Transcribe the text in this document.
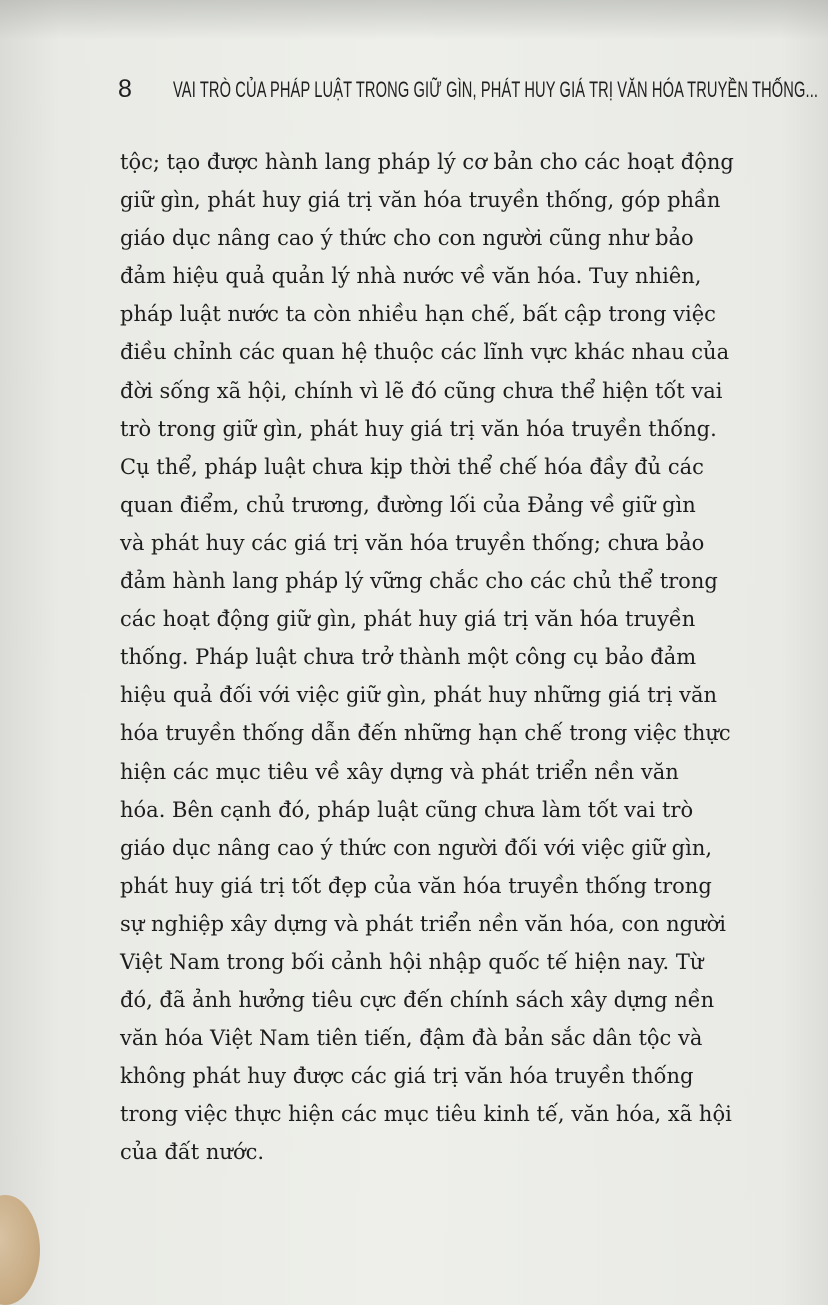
8 VAI TRÒ CỦA PHÁP LUẬT TRONG GIỮ GÌN, PHÁT HUY GIÁ TRỊ VĂN HÓA TRUYỀN THỐNG...
tộc; tạo được hành lang pháp lý cơ bản cho các hoạt động
giữ gìn, phát huy giá trị văn hóa truyền thống, góp phần
giáo dục nâng cao ý thức cho con người cũng như bảo
đảm hiệu quả quản lý nhà nước về văn hóa. Tuy nhiên,
pháp luật nước ta còn nhiều hạn chế, bất cập trong việc
điều chỉnh các quan hệ thuộc các lĩnh vực khác nhau của
đời sống xã hội, chính vì lẽ đó cũng chưa thể hiện tốt vai
trò trong giữ gìn, phát huy giá trị văn hóa truyền thống.
Cụ thể, pháp luật chưa kịp thời thể chế hóa đầy đủ các
quan điểm, chủ trương, đường lối của Đảng về giữ gìn
và phát huy các giá trị văn hóa truyền thống; chưa bảo
đảm hành lang pháp lý vững chắc cho các chủ thể trong
các hoạt động giữ gìn, phát huy giá trị văn hóa truyền
thống. Pháp luật chưa trở thành một công cụ bảo đảm
hiệu quả đối với việc giữ gìn, phát huy những giá trị văn
hóa truyền thống dẫn đến những hạn chế trong việc thực
hiện các mục tiêu về xây dựng và phát triển nền văn
hóa. Bên cạnh đó, pháp luật cũng chưa làm tốt vai trò
giáo dục nâng cao ý thức con người đối với việc giữ gìn,
phát huy giá trị tốt đẹp của văn hóa truyền thống trong
sự nghiệp xây dựng và phát triển nền văn hóa, con người
Việt Nam trong bối cảnh hội nhập quốc tế hiện nay. Từ
đó, đã ảnh hưởng tiêu cực đến chính sách xây dựng nền
văn hóa Việt Nam tiên tiến, đậm đà bản sắc dân tộc và
không phát huy được các giá trị văn hóa truyền thống
trong việc thực hiện các mục tiêu kinh tế, văn hóa, xã hội
của đất nước.
